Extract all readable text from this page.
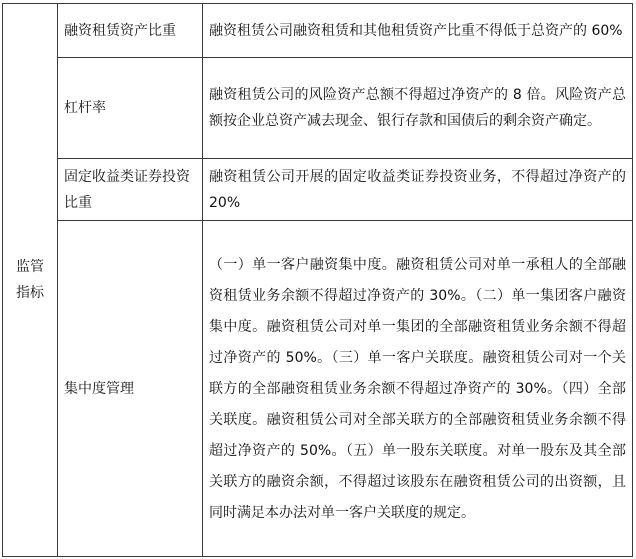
监管
指标	融资租赁资产比重	融资租赁公司融资租赁和其他租赁资产比重不得低于总资产的 60%
	杠杆率	融资租赁公司的风险资产总额不得超过净资产的 8 倍。风险资产总额按企业总资产减去现金、银行存款和国债后的剩余资产确定。
	固定收益类证券投资比重	融资租赁公司开展的固定收益类证券投资业务，不得超过净资产的 20%
	集中度管理	（一）单一客户融资集中度。融资租赁公司对单一承租人的全部融资租赁业务余额不得超过净资产的 30%。（二）单一集团客户融资集中度。融资租赁公司对单一集团的全部融资租赁业务余额不得超过净资产的 50%。（三）单一客户关联度。融资租赁公司对一个关联方的全部融资租赁业务余额不得超过净资产的 30%。（四）全部关联度。融资租赁公司对全部关联方的全部融资租赁业务余额不得超过净资产的 50%。（五）单一股东关联度。对单一股东及其全部关联方的融资余额，不得超过该股东在融资租赁公司的出资额，且同时满足本办法对单一客户关联度的规定。
